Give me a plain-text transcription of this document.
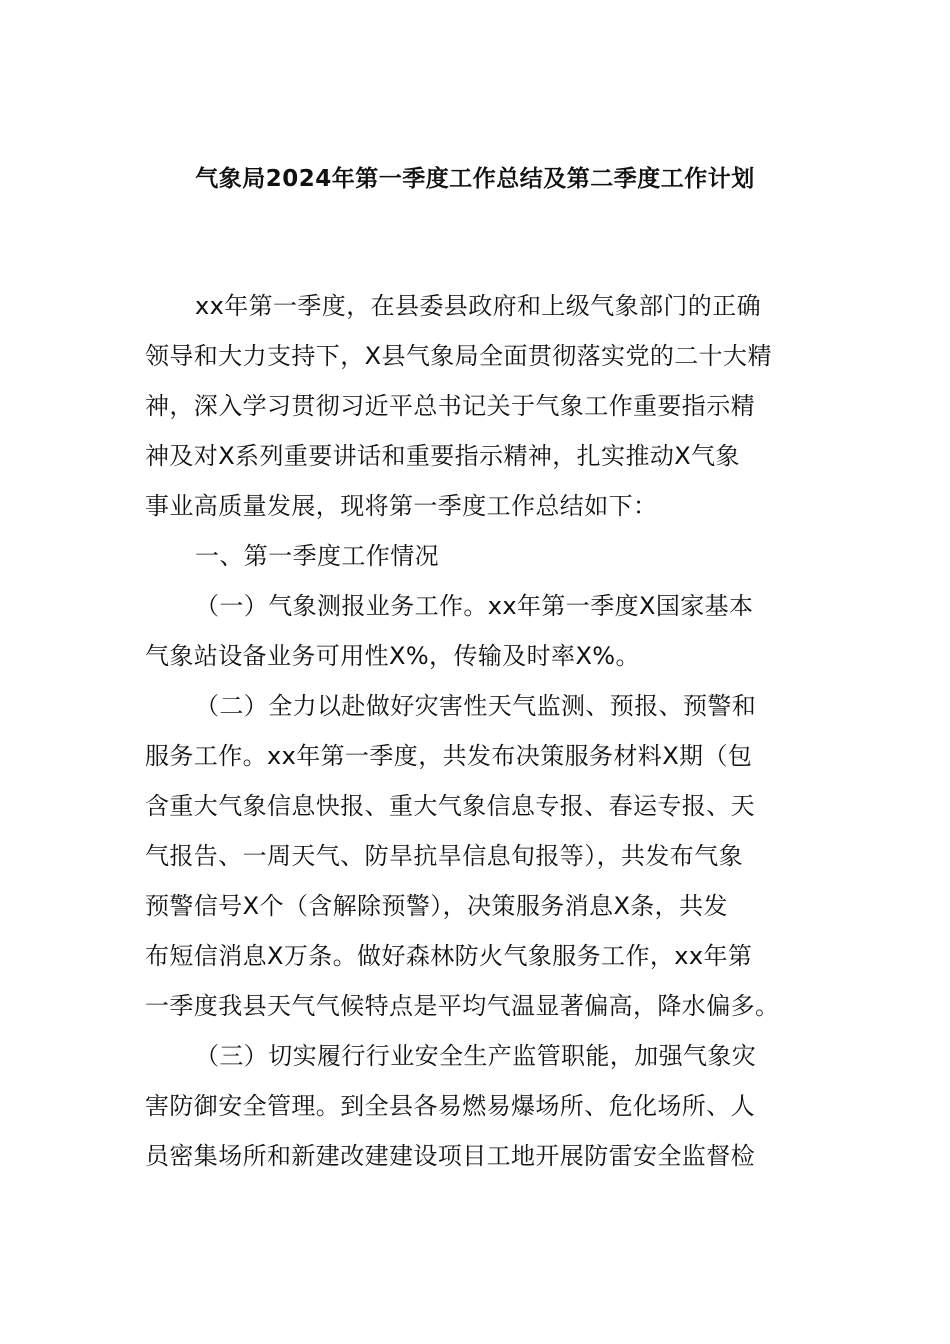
气象局2024年第一季度工作总结及第二季度工作计划

xx年第一季度，在县委县政府和上级气象部门的正确
领导和大力支持下，X县气象局全面贯彻落实党的二十大精
神，深入学习贯彻习近平总书记关于气象工作重要指示精
神及对X系列重要讲话和重要指示精神，扎实推动X气象
事业高质量发展，现将第一季度工作总结如下：

一、第一季度工作情况

（一）气象测报业务工作。xx年第一季度X国家基本
气象站设备业务可用性X%，传输及时率X%。

（二）全力以赴做好灾害性天气监测、预报、预警和
服务工作。xx年第一季度，共发布决策服务材料X期（包
含重大气象信息快报、重大气象信息专报、春运专报、天
气报告、一周天气、防旱抗旱信息旬报等），共发布气象
预警信号X个（含解除预警），决策服务消息X条，共发
布短信消息X万条。做好森林防火气象服务工作，xx年第
一季度我县天气气候特点是平均气温显著偏高，降水偏多。

（三）切实履行行业安全生产监管职能，加强气象灾
害防御安全管理。到全县各易燃易爆场所、危化场所、人
员密集场所和新建改建建设项目工地开展防雷安全监督检
